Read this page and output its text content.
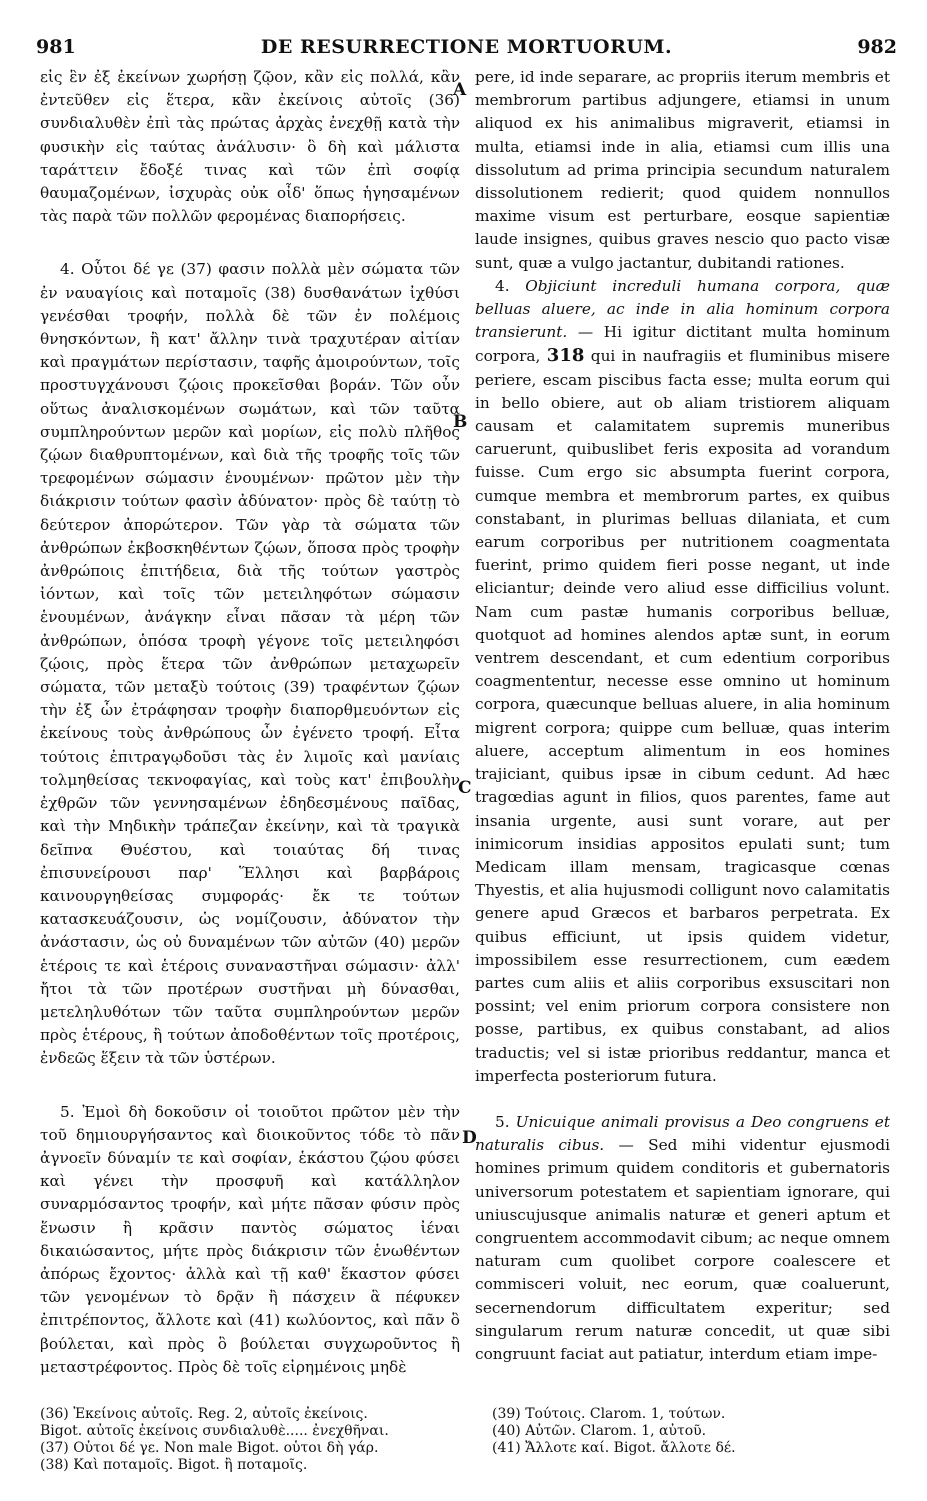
981	DE RESURRECTIONE MORTUORUM.	982

εἰς ἓν ἐξ ἐκείνων χωρήσῃ ζῷον, κἂν εἰς πολλά, κἂν ἐντεῦθεν εἰς ἕτερα, κἂν ἐκείνοις αὐτοῖς (36) συνδιαλυθὲν ἐπὶ τὰς πρώτας ἀρχὰς ἐνεχθῇ κατὰ τὴν φυσικὴν εἰς ταύτας ἀνάλυσιν· ὃ δὴ καὶ μάλιστα ταράττειν ἔδοξέ τινας καὶ τῶν ἐπὶ σοφίᾳ θαυμαζομένων, ἰσχυρὰς οὐκ οἶδ' ὅπως ἡγησαμένων τὰς παρὰ τῶν πολλῶν φερομένας διαπορήσεις.

4. Οὗτοι δέ γε (37) φασιν πολλὰ μὲν σώματα τῶν ἐν ναυαγίοις καὶ ποταμοῖς (38) δυσθανάτων ἰχθύσι γενέσθαι τροφήν, πολλὰ δὲ τῶν ἐν πολέμοις θνησκόντων, ἢ κατ' ἄλλην τινὰ τραχυτέραν αἰτίαν καὶ πραγμάτων περίστασιν, ταφῆς ἀμοιρούντων, τοῖς προστυγχάνουσι ζῴοις προκεῖσθαι βοράν. Τῶν οὖν οὕτως ἀναλισκομένων σωμάτων, καὶ τῶν ταῦτα συμπληρούντων μερῶν καὶ μορίων, εἰς πολὺ πλῆθος ζῴων διαθρυπτομένων, καὶ διὰ τῆς τροφῆς τοῖς τῶν τρεφομένων σώμασιν ἑνουμένων· πρῶτον μὲν τὴν διάκρισιν τούτων φασὶν ἀδύνατον· πρὸς δὲ ταύτῃ τὸ δεύτερον ἀπορώτερον. Τῶν γὰρ τὰ σώματα τῶν ἀνθρώπων ἐκβοσκηθέντων ζῴων, ὅποσα πρὸς τροφὴν ἀνθρώποις ἐπιτήδεια, διὰ τῆς τούτων γαστρὸς ἰόντων, καὶ τοῖς τῶν μετειληφότων σώμασιν ἑνουμένων, ἀνάγκην εἶναι πᾶσαν τὰ μέρη τῶν ἀνθρώπων, ὁπόσα τροφὴ γέγονε τοῖς μετειληφόσι ζῴοις, πρὸς ἕτερα τῶν ἀνθρώπων μεταχωρεῖν σώματα, τῶν μεταξὺ τούτοις (39) τραφέντων ζῴων τὴν ἐξ ὧν ἐτράφησαν τροφὴν διαπορθμευόντων εἰς ἐκείνους τοὺς ἀνθρώπους ὧν ἐγένετο τροφή. Εἶτα τούτοις ἐπιτραγῳδοῦσι τὰς ἐν λιμοῖς καὶ μανίαις τολμηθείσας τεκνοφαγίας, καὶ τοὺς κατ' ἐπιβουλὴν ἐχθρῶν τῶν γεννησαμένων ἐδηδεσμένους παῖδας, καὶ τὴν Μηδικὴν τράπεζαν ἐκείνην, καὶ τὰ τραγικὰ δεῖπνα Θυέστου, καὶ τοιαύτας δή τινας ἐπισυνείρουσι παρ' Ἕλλησι καὶ βαρβάροις καινουργηθείσας συμφοράς· ἔκ τε τούτων κατασκευάζουσιν, ὡς νομίζουσιν, ἀδύνατον τὴν ἀνάστασιν, ὡς οὐ δυναμένων τῶν αὐτῶν (40) μερῶν ἑτέροις τε καὶ ἑτέροις συναναστῆναι σώμασιν· ἀλλ' ἤτοι τὰ τῶν προτέρων συστῆναι μὴ δύνασθαι, μετεληλυθότων τῶν ταῦτα συμπληρούντων μερῶν πρὸς ἑτέρους, ἢ τούτων ἀποδοθέντων τοῖς προτέροις, ἐνδεῶς ἕξειν τὰ τῶν ὑστέρων.

5. Ἐμοὶ δὴ δοκοῦσιν οἱ τοιοῦτοι πρῶτον μὲν τὴν τοῦ δημιουργήσαντος καὶ διοικοῦντος τόδε τὸ πᾶν ἀγνοεῖν δύναμίν τε καὶ σοφίαν, ἑκάστου ζῴου φύσει καὶ γένει τὴν προσφυῆ καὶ κατάλληλον συναρμόσαντος τροφήν, καὶ μήτε πᾶσαν φύσιν πρὸς ἕνωσιν ἢ κρᾶσιν παντὸς σώματος ἰέναι δικαιώσαντος, μήτε πρὸς διάκρισιν τῶν ἑνωθέντων ἀπόρως ἔχοντος· ἀλλὰ καὶ τῇ καθ' ἕκαστον φύσει τῶν γενομένων τὸ δρᾷν ἢ πάσχειν ἃ πέφυκεν ἐπιτρέποντος, ἄλλοτε καὶ (41) κωλύοντος, καὶ πᾶν ὃ βούλεται, καὶ πρὸς ὃ βούλεται συγχωροῦντος ἢ μεταστρέφοντος. Πρὸς δὲ τοῖς εἰρημένοις μηδὲ

A
B
C
D

pere, id inde separare, ac propriis iterum membris et membrorum partibus adjungere, etiamsi in unum aliquod ex his animalibus migraverit, etiamsi in multa, etiamsi inde in alia, etiamsi cum illis una dissolutum ad prima principia secundum naturalem dissolutionem redierit; quod quidem nonnullos maxime visum est perturbare, eosque sapientiæ laude insignes, quibus graves nescio quo pacto visæ sunt, quæ a vulgo jactantur, dubitandi rationes.

4. Objiciunt increduli humana corpora, quæ belluas aluere, ac inde in alia hominum corpora transierunt. — Hi igitur dictitant multa hominum corpora, 318 qui in naufragiis et fluminibus misere periere, escam piscibus facta esse; multa eorum qui in bello obiere, aut ob aliam tristiorem aliquam causam et calamitatem supremis muneribus caruerunt, quibuslibet feris exposita ad vorandum fuisse. Cum ergo sic absumpta fuerint corpora, cumque membra et membrorum partes, ex quibus constabant, in plurimas belluas dilaniata, et cum earum corporibus per nutritionem coagmentata fuerint, primo quidem fieri posse negant, ut inde eliciantur; deinde vero aliud esse difficilius volunt. Nam cum pastæ humanis corporibus belluæ, quotquot ad homines alendos aptæ sunt, in eorum ventrem descendant, et cum edentium corporibus coagmententur, necesse esse omnino ut hominum corpora, quæcunque belluas aluere, in alia hominum migrent corpora; quippe cum belluæ, quas interim aluere, acceptum alimentum in eos homines trajiciant, quibus ipsæ in cibum cedunt. Ad hæc tragœdias agunt in filios, quos parentes, fame aut insania urgente, ausi sunt vorare, aut per inimicorum insidias appositos epulati sunt; tum Medicam illam mensam, tragicasque cœnas Thyestis, et alia hujusmodi colligunt novo calamitatis genere apud Græcos et barbaros perpetrata. Ex quibus efficiunt, ut ipsis quidem videtur, impossibilem esse resurrectionem, cum eædem partes cum aliis et aliis corporibus exsuscitari non possint; vel enim priorum corpora consistere non posse, partibus, ex quibus constabant, ad alios traductis; vel si istæ prioribus reddantur, manca et imperfecta posteriorum futura.

5. Unicuique animali provisus a Deo congruens et naturalis cibus. — Sed mihi videntur ejusmodi homines primum quidem conditoris et gubernatoris universorum potestatem et sapientiam ignorare, qui uniuscujusque animalis naturæ et generi aptum et congruentem accommodavit cibum; ac neque omnem naturam cum quolibet corpore coalescere et commisceri voluit, nec eorum, quæ coaluerunt, secernendorum difficultatem experitur; sed singularum rerum naturæ concedit, ut quæ sibi congruunt faciat aut patiatur, interdum etiam impe-

(36) Ἐκείνοις αὐτοῖς. Reg. 2, αὐτοῖς ἐκείνοις.
Bigot. αὐτοῖς ἐκείνοις συνδιαλυθὲ..... ἐνεχθῆναι.
(37) Οὗτοι δέ γε. Non male Bigot. οὗτοι δὴ γάρ.
(38) Καὶ ποταμοῖς. Bigot. ἢ ποταμοῖς.
(39) Τούτοις. Clarom. 1, τούτων.
(40) Αὐτῶν. Clarom. 1, αὐτοῦ.
(41) Ἄλλοτε καί. Bigot. ἄλλοτε δέ.
